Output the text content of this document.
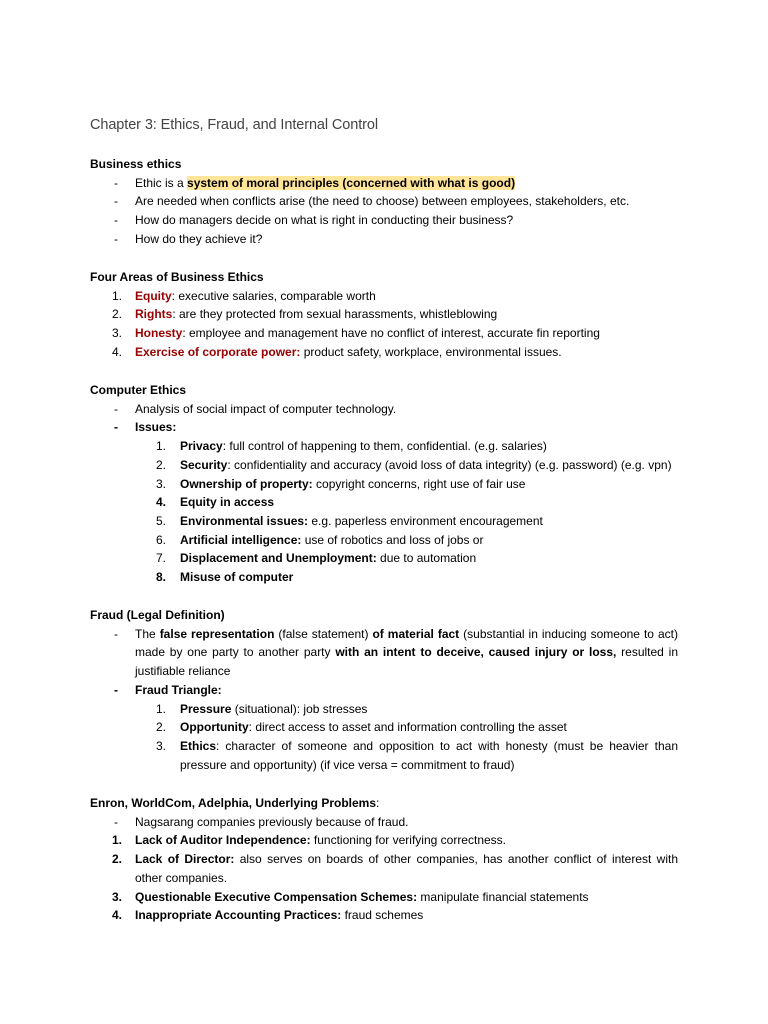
Chapter 3: Ethics, Fraud, and Internal Control
Business ethics
-	Ethic is a system of moral principles (concerned with what is good)
-	Are needed when conflicts arise (the need to choose) between employees, stakeholders, etc.
-	How do managers decide on what is right in conducting their business?
-	How do they achieve it?
Four Areas of Business Ethics
1.	Equity: executive salaries, comparable worth
2.	Rights: are they protected from sexual harassments, whistleblowing
3.	Honesty: employee and management have no conflict of interest, accurate fin reporting
4.	Exercise of corporate power: product safety, workplace, environmental issues.
Computer Ethics
-	Analysis of social impact of computer technology.
-	Issues:
1.	Privacy: full control of happening to them, confidential. (e.g. salaries)
2.	Security: confidentiality and accuracy (avoid loss of data integrity) (e.g. password) (e.g. vpn)
3.	Ownership of property: copyright concerns, right use of fair use
4.	Equity in access
5.	Environmental issues: e.g. paperless environment encouragement
6.	Artificial intelligence: use of robotics and loss of jobs or
7.	Displacement and Unemployment: due to automation
8.	Misuse of computer
Fraud (Legal Definition)
-	The false representation (false statement) of material fact (substantial in inducing someone to act) made by one party to another party with an intent to deceive, caused injury or loss, resulted in justifiable reliance
-	Fraud Triangle:
1.	Pressure (situational): job stresses
2.	Opportunity: direct access to asset and information controlling the asset
3.	Ethics: character of someone and opposition to act with honesty (must be heavier than pressure and opportunity) (if vice versa = commitment to fraud)
Enron, WorldCom, Adelphia, Underlying Problems:
-	Nagsarang companies previously because of fraud.
1.	Lack of Auditor Independence: functioning for verifying correctness.
2.	Lack of Director: also serves on boards of other companies, has another conflict of interest with other companies.
3.	Questionable Executive Compensation Schemes: manipulate financial statements
4.	Inappropriate Accounting Practices: fraud schemes
